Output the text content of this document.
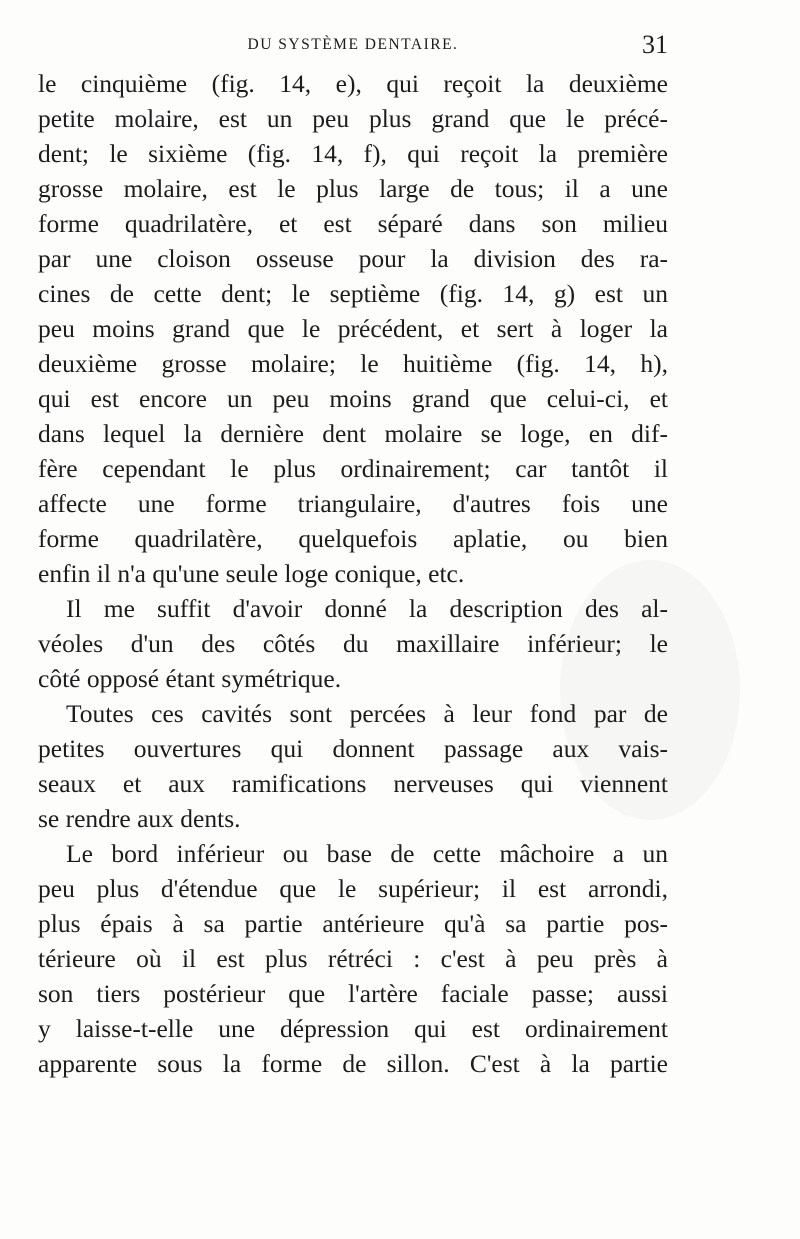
DU SYSTÈME DENTAIRE.	31
le cinquième (fig. 14, e), qui reçoit la deuxième
petite molaire, est un peu plus grand que le précé-
dent; le sixième (fig. 14, f), qui reçoit la première
grosse molaire, est le plus large de tous; il a une
forme quadrilatère, et est séparé dans son milieu
par une cloison osseuse pour la division des ra-
cines de cette dent; le septième (fig. 14, g) est un
peu moins grand que le précédent, et sert à loger la
deuxième grosse molaire; le huitième (fig. 14, h),
qui est encore un peu moins grand que celui-ci, et
dans lequel la dernière dent molaire se loge, en dif-
fère cependant le plus ordinairement; car tantôt il
affecte une forme triangulaire, d'autres fois une
forme quadrilatère, quelquefois aplatie, ou bien
enfin il n'a qu'une seule loge conique, etc.
Il me suffit d'avoir donné la description des al-
véoles d'un des côtés du maxillaire inférieur; le
côté opposé étant symétrique.
Toutes ces cavités sont percées à leur fond par de
petites ouvertures qui donnent passage aux vais-
seaux et aux ramifications nerveuses qui viennent
se rendre aux dents.
Le bord inférieur ou base de cette mâchoire a un
peu plus d'étendue que le supérieur; il est arrondi,
plus épais à sa partie antérieure qu'à sa partie pos-
térieure où il est plus rétréci : c'est à peu près à
son tiers postérieur que l'artère faciale passe; aussi
y laisse-t-elle une dépression qui est ordinairement
apparente sous la forme de sillon. C'est à la partie
